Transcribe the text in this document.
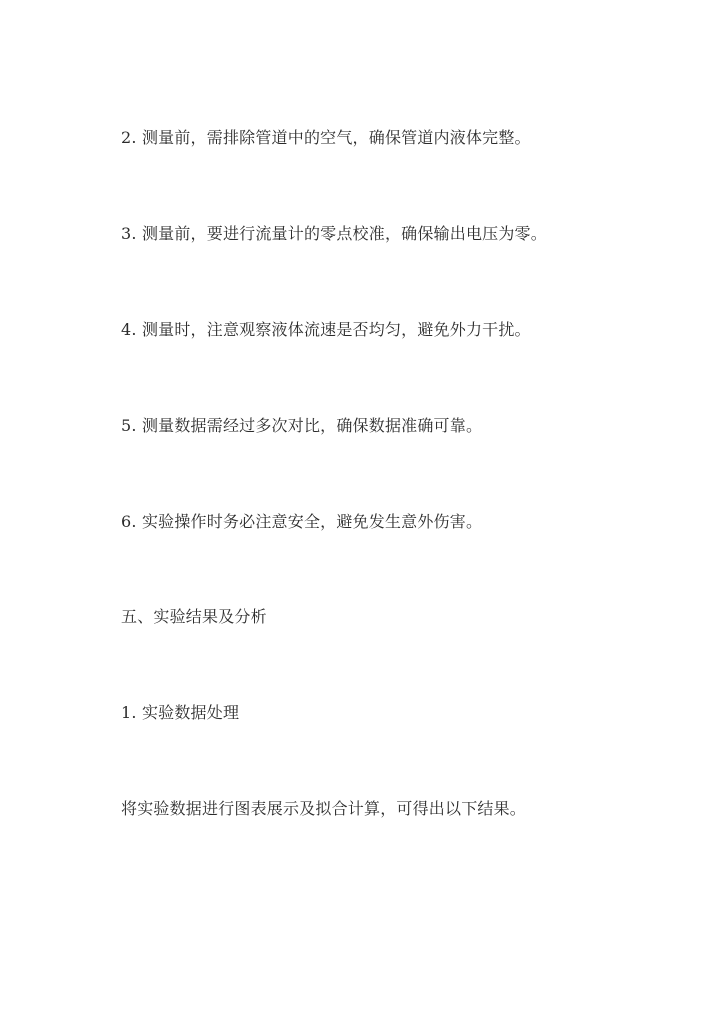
2. 测量前，需排除管道中的空气，确保管道内液体完整。
3. 测量前，要进行流量计的零点校准，确保输出电压为零。
4. 测量时，注意观察液体流速是否均匀，避免外力干扰。
5. 测量数据需经过多次对比，确保数据准确可靠。
6. 实验操作时务必注意安全，避免发生意外伤害。
五、实验结果及分析
1. 实验数据处理
将实验数据进行图表展示及拟合计算，可得出以下结果。
